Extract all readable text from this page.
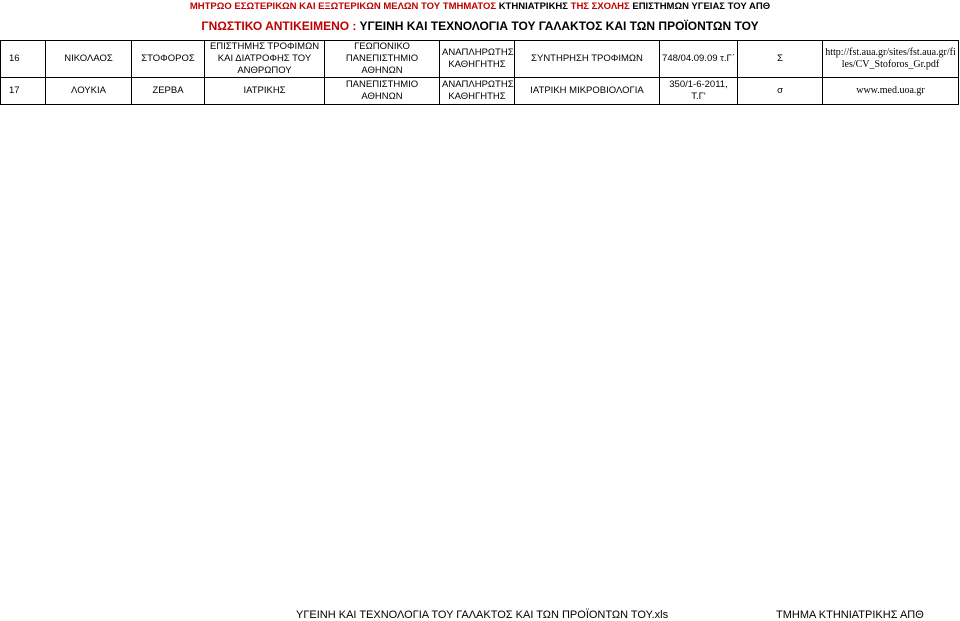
ΜΗΤΡΩΟ ΕΣΩΤΕΡΙΚΩΝ ΚΑΙ ΕΞΩΤΕΡΙΚΩΝ ΜΕΛΩΝ ΤΟΥ ΤΜΗΜΑΤΟΣ ΚΤΗΝΙΑΤΡΙΚΗΣ ΤΗΣ ΣΧΟΛΗΣ ΕΠΙΣΤΗΜΩΝ ΥΓΕΙΑΣ ΤΟΥ ΑΠΘ
ΓΝΩΣΤΙΚΟ ΑΝΤΙΚΕΙΜΕΝΟ : ΥΓΕΙΝΗ ΚΑΙ ΤΕΧΝΟΛΟΓΙΑ ΤΟΥ ΓΑΛΑΚΤΟΣ ΚΑΙ ΤΩΝ ΠΡΟΪΟΝΤΩΝ ΤΟΥ
16	ΝΙΚΟΛΑΟΣ	ΣΤΟΦΟΡΟΣ	ΕΠΙΣΤΗΜΗΣ ΤΡΟΦΙΜΩΝ ΚΑΙ ΔΙΑΤΡΟΦΗΣ ΤΟΥ ΑΝΘΡΩΠΟΥ	ΓΕΩΠΟΝΙΚΟ ΠΑΝΕΠΙΣΤΗΜΙΟ ΑΘΗΝΩΝ	ΑΝΑΠΛΗΡΩΤΗΣ ΚΑΘΗΓΗΤΗΣ	ΣΥΝΤΗΡΗΣΗ ΤΡΟΦΙΜΩΝ	748/04.09.09 τ.Γ΄	Σ	http://fst.aua.gr/sites/fst.aua.gr/files/CV_Stoforos_Gr.pdf
17	ΛΟΥΚΙΑ	ΖΕΡΒΑ	ΙΑΤΡΙΚΗΣ	ΠΑΝΕΠΙΣΤΗΜΙΟ ΑΘΗΝΩΝ	ΑΝΑΠΛΗΡΩΤΗΣ ΚΑΘΗΓΗΤΗΣ	ΙΑΤΡΙΚΗ ΜΙΚΡΟΒΙΟΛΟΓΙΑ	350/1-6-2011, Τ.Γ'	σ	www.med.uoa.gr
ΥΓΕΙΝΗ ΚΑΙ ΤΕΧΝΟΛΟΓΙΑ ΤΟΥ ΓΑΛΑΚΤΟΣ ΚΑΙ ΤΩΝ ΠΡΟΪΟΝΤΩΝ ΤΟΥ.xls	ΤΜΗΜΑ ΚΤΗΝΙΑΤΡΙΚΗΣ ΑΠΘ
